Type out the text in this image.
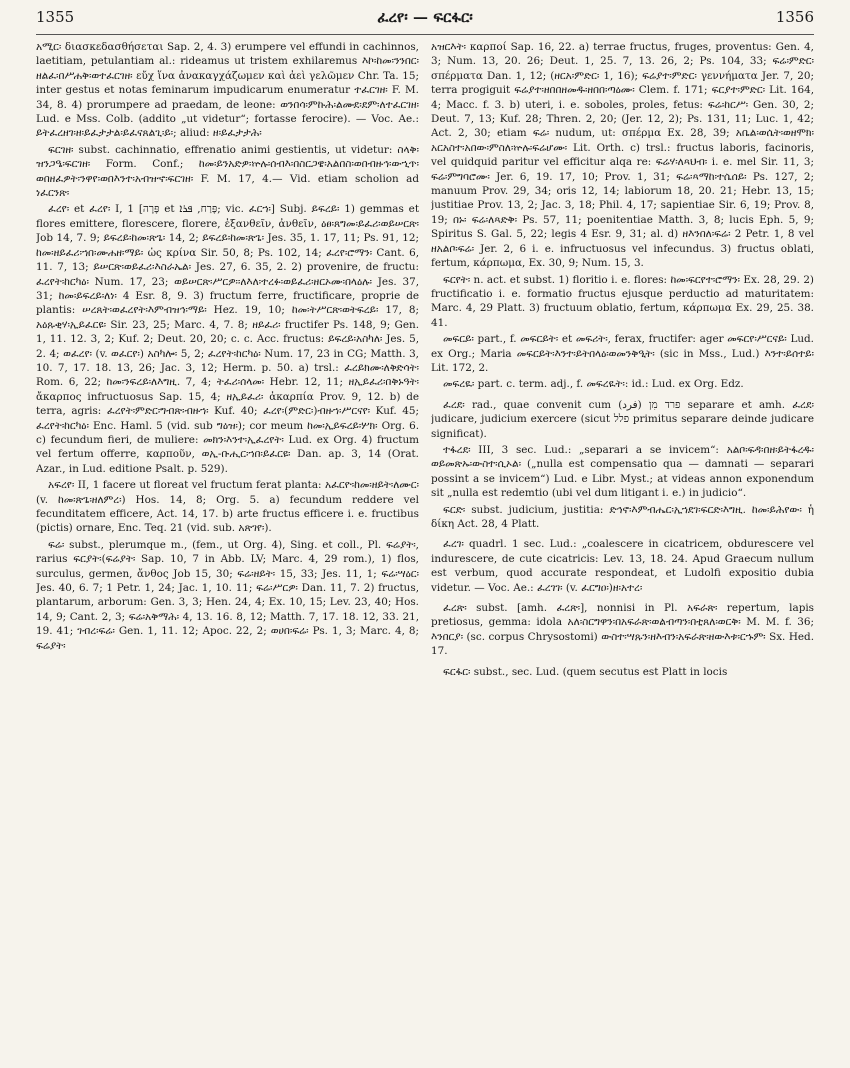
1355	ፈረየ፡ — ፍርፋር፡	1356

አሚር፡ διασκεδασθήσεται Sap. 2, 4. 3) erumpere vel effundi in cachinnos, laetitiam, petulantiam al.: rideamus ut tristem exhilaremus እኮ፡ከመ፡ንንበር፡ዘልፈ፡በሥሐቅ፡ወተፈርገዘ፡ εὔχ ἵνα ἀνακαγχάζωμεν καὶ ἀεὶ γελῶμεν Chr. Ta. 15; inter gestus et notas feminarum impudicarum enumeratur ተፈርገዘ፡ F. M. 34, 8. 4) prorumpere ad praedam, de leone: ወንበሳ፡ምኩሕ፡ልሙደ፡ደም፡ለተፈርገዘ፡ Lud. e Mss. Colb. (addito „ut videtur“; fortasse ferocire). — Voc. Ae.: ይትፈረዘገ፡ዘ፡ይፈታታል፡ይፈናጸልጊ፡ይ፡; aliud: ዘ፡ይፈታታሕ፡

ፍርገዘ፡ subst. cachinnatio, effrenatio animi gestientis, ut videtur: ስላቅ፡ዝንጋዔ፡ፍርገዘ፡ Form. Conf.; ከመ፡ይንአድዎ፡ኵሉ፡ሰብእ፡በስርጋዌ፡አልበስ፡ወበብዙኅ፡ውኂጥ፡ወበዘፈዎት፡ንዋየ፡ወበእንተ፡አብዝኆ፡ፍርገዘ፡ F. M. 17, 4.— Vid. etiam scholion ad ነፈርንጽ፡

ፈረየ፡ et ፈረየ፡ I, 1 [פָּרָה et פָּרַח, ܦܪܐ; vic. ፈርኀ፡] Subj. ይፍረይ፡ 1) gemmas et flores emittere, florescere, florere, ἐξανθεῖν, ἀνθεῖν, ዕፀ፡ጸግመ፡ይፈሪ፡ወይሠርጽ፡ Job 14, 7. 9; ይፍረይ፡ከመ፡ጽጌ፡ 14, 2; ይፍረይ፡ከመ፡ጽጌ፡ Jes. 35, 1. 17, 11; Ps. 91, 12; ከመ፡ዘይፈሪ፡ኀበ፡ሙሐዘ፡ማይ፡ ὡς κρίνα Sir. 50, 8; Ps. 102, 14; ፈረየ፡ሮማን፡ Cant. 6, 11. 7, 13; ይሠርጽ፡ወይፈሪ፡እስራኤል፡ Jes. 27, 6. 35, 2. 2) provenire, de fructu: ፈረየት፡ከርካዕ፡ Num. 17, 23; ወይሠርጽ፡ሥርዎ፡፡ለእለ፡ተረፉ፡ወይፈሪ፡ዘርኦሙ፡በላዕሉ፡ Jes. 37, 31; ከመ፡ይፍረይ፡ለነ፡ 4 Esr. 8, 9. 3) fructum ferre, fructificare, proprie de plantis: ሠረጸት፡ወፈረየት፡እምብዝኅ፡ማይ፡ Hez. 19, 10; ከመ፡ትሥርጽ፡ወትፍረይ፡ 17, 8; አዕጹቂሃ፡ኢይፈርዩ፡ Sir. 23, 25; Marc. 4, 7. 8; ዘይፈሪ፡ fructifer Ps. 148, 9; Gen. 1, 11. 12. 3, 2; Kuf. 2; Deut. 20, 20; c. c. Acc. fructus: ይፍረይ፡አስካለ፡ Jes. 5, 2. 4; ወፈረየ፡ (v. ወፈርየ፡) አስካሎ፡ 5, 2; ፈረየት፡ከርካዕ፡ Num. 17, 23 in CG; Matth. 3, 10. 7, 17. 18. 13, 26; Jac. 3, 12; Herm. p. 50. a) trsl.: ፈረይክሙ፡ለቅድሳት፡ Rom. 6, 22; ከመ፡ንፍረይ፡ለእግዚ. 7, 4; ትፈሪ፡ሰላመ፡ Hebr. 12, 11; ዘኢይፈሪ፡በቅኑዓት፡ ἄκαρπος infructuosus Sap. 15, 4; ዘኢይፈሪ፡ ἀκαρπία Prov. 9, 12. b) de terra, agris: ፈረየት፡ምድር፡ግብጽ፡ብዙኀ፡ Kuf. 40; ፈረየ፡(ምድር፡)ብዙኀ፡ሥርናየ፡ Kuf. 45; ፈረየት፡ከርካዕ፡ Enc. Haml. 5 (vid. sub ግዕዝ፡); cor meum ከመ፡ኢይፍረይ፡ሦክ፡ Org. 6. c) fecundum fieri, de muliere: መክን፡እንተ፡ኢፈረየት፡ Lud. ex Org. 4) fructum vel fertum offerre, καρποῦν, ወኢ-ቡሒር፡ኀበ፡ይፈርዩ፡ Dan. ap. 3, 14 (Orat. Azar., in Lud. editione Psalt. p. 529).

አፍረየ፡ II, 1 facere ut floreat vel fructum ferat planta: አፈርዮ፡ከመ፡ዘይት፡ለሙር፡ (v. ከመ፡ጽጌ፡ዘለምረ፡) Hos. 14, 8; Org. 5. a) fecundum reddere vel fecunditatem efficere, Act. 14, 17. b) arte fructus efficere i. e. fructibus (pictis) ornare, Enc. Teq. 21 (vid. sub. አጽገየ፡).

ፍሬ፡ subst., plerumque m., (fem., ut Org. 4), Sing. et coll., Pl. ፍሬያት፡, rarius ፍርያት፡(ፍሬያት፡ Sap. 10, 7 in Abb. LV; Marc. 4, 29 rom.), 1) flos, surculus, germen, ἄνθος Job 15, 30; ፍሬ፡ዘይት፡ 15, 33; Jes. 11, 1; ፍሬ፡ሣዕር፡ Jes. 40, 6. 7; 1 Petr. 1, 24; Jac. 1, 10. 11; ፍሬ፡ሥርዎ፡ Dan. 11, 7. 2) fructus, plantarum, arborum: Gen. 3, 3; Hen. 24, 4; Ex. 10, 15; Lev. 23, 40; Hos. 14, 9; Cant. 2, 3; ፍሬ፡አቅማሕ፡ 4, 13. 16. 8, 12; Matth. 7, 17. 18. 12, 33. 21, 19. 41; ገብረ፡ፍሬ፡ Gen. 1, 11. 12; Apoc. 22, 2; ወሀበ፡ፍሬ፡ Ps. 1, 3; Marc. 4, 8; ፍሬያት፡

አዝርእት፡ καρποί Sap. 16, 22. a) terrae fructus, fruges, proventus: Gen. 4, 3; Num. 13, 20. 26; Deut. 1, 25. 7, 13. 26, 2; Ps. 104, 33; ፍሬ፡ምድር፡ σπέρματα Dan. 1, 12; (ዘርአ፡ምድር፡ 1, 16); ፍሬያተ፡ምድር፡ γεννήματα Jer. 7, 20; terra progiguit ፍሬያተ፡ዘበበዘመዱ፡ዘበበ፡ጣዕሙ፡ Clem. f. 171; ፍርያተ፡ምድር፡ Lit. 164, 4; Macc. f. 3. b) uteri, i. e. soboles, proles, fetus: ፍሬ፡ከርሥ፡ Gen. 30, 2; Deut. 7, 13; Kuf. 28; Thren. 2, 20; (Jer. 12, 2); Ps. 131, 11; Luc. 1, 42; Act. 2, 30; etiam ፍሬ፡ nudum, ut: σπέρμα Ex. 28, 39; አቤል፡ወሴት፡ወዘሞክ፡አርአስተ፡አበው፡ምስለ፡ኵሉ፡ፍሬሆሙ፡ Lit. Orth. c) trsl.: fructus laboris, facinoris, vel quidquid paritur vel efficitur alqa re: ፍሬሃ፡ለጻህብ፡ i. e. mel Sir. 11, 3; ፍሬ፡ምግባሮሙ፡ Jer. 6, 19. 17, 10; Prov. 1, 31; ፍሬ፡ጻማከ፡ተሴሰይ፡ Ps. 127, 2; manuum Prov. 29, 34; oris 12, 14; labiorum 18, 20. 21; Hebr. 13, 15; justitiae Prov. 13, 2; Jac. 3, 18; Phil. 4, 17; sapientiae Sir. 6, 19; Prov. 8, 19; በኑ፡ ፍሬ፡ለጻድቅ፡ Ps. 57, 11; poenitentiae Matth. 3, 8; lucis Eph. 5, 9; Spiritus S. Gal. 5, 22; legis 4 Esr. 9, 31; al. d) ዘእንበለ፡ፍሬ፡ 2 Petr. 1, 8 vel ዘአልቦ፡ፍሬ፡ Jer. 2, 6 i. e. infructuosus vel infecundus. 3) fructus oblati, fertum, κάρπωμα, Ex. 30, 9; Num. 15, 3.

ፍርየት፡ n. act. et subst. 1) floritio i. e. flores: ከመ፡ፍርየተ፡ሮማን፡ Ex. 28, 29. 2) fructificatio i. e. formatio fructus ejusque perductio ad maturitatem: Marc. 4, 29 Platt. 3) fructuum oblatio, fertum, κάρπωμα Ex. 29, 25. 38. 41.

መፍርይ፡ part., f. መፍርይት፡ et መፍሪት፡, ferax, fructifer: ager መፍርየ፡ሥርናይ፡ Lud. ex Org.; Maria መፍርይት፡እንተ፡ይትበላዕ፡ወመንቅዒት፡ (sic in Mss., Lud.) እንተ፡ይሰተይ፡ Lit. 172, 2.

መፍረዪ፡ part. c. term. adj., f. መፍረዪት፡: id.: Lud. ex Org. Edz.

ፈረደ፡ rad., quae convenit cum פרד מִן (فرد) separare et amh. ፈረደ፡ judicare, judicium exercere (sicut פלל primitus separare deinde judicare significat).

ተፋረደ፡ III, 3 sec. Lud.: „separari a se invicem“: አልቦ፡ፍዳ፡በዘ፡ይትፋረዱ፡ወይመጽኡ፡ውስተ፡ሲኦል፡ („nulla est compensatio qua — damnati — separari possint a se invicem“) Lud. e Libr. Myst.; at videas annon exponendum sit „nulla est redemtio (ubi vel dum litigant i. e.) in judicio“.

ፍርድ፡ subst. judicium, justitia: ድኅኖ፡እምብሔር፡ኢኀደገ፡ፍርድ፡እግዚ. ከመ፡ይሕየው፡ ἡ δίκη Act. 28, 4 Platt.

ፈረገ፡ quadrl. 1 sec. Lud.: „coalescere in cicatricem, obdurescere vel indurescere, de cute cicatricis: Lev. 13, 18. 24. Apud Graecum nullum est verbum, quod accurate respondeat, et Ludolfi expositio dubia videtur. — Voc. Ae.: ፈረገገ፡ (v. ፈርግዐ፡)ዘ፡አተረ፡

ፈረጽ፡ subst. [amh. ፈረጽ፡], nonnisi in Pl. አፍራጽ፡ repertum, lapis pretiosus, gemma: idola አለ፡ስርግዋን፡በአፍራጽ፡ወልብጣን፡በቲጸለ፡ወርቅ፡ M. M. f. 36; እንበርያ፡ (sc. corpus Chrysostomi) ውስተ፡ሣጹን፡ዘእብን፡አፍራጽ፡ዘውእቱ፡ርኁም፡ Sx. Hed. 17.

ፍርፋር፡ subst., sec. Lud. (quem secutus est Platt in locis
